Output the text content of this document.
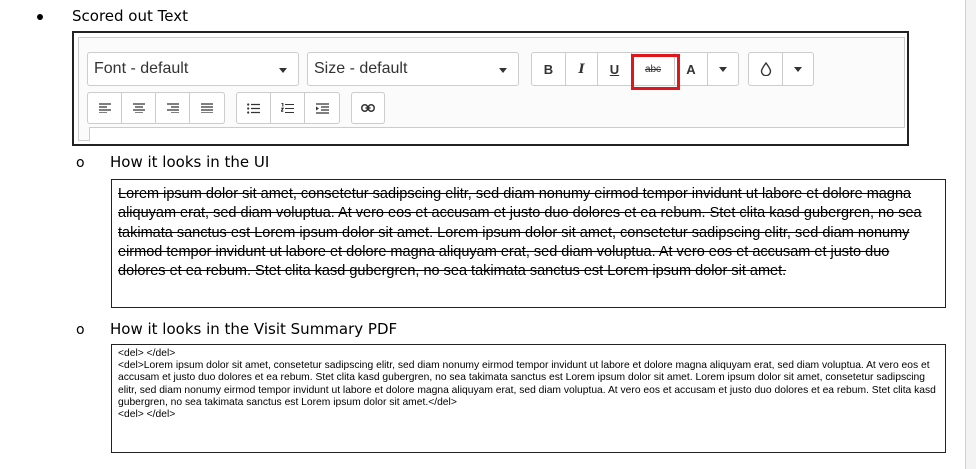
Scored out Text
Font - default	Size - default	B	I	U	abc	A
o How it looks in the UI
Lorem ipsum dolor sit amet, consetetur sadipscing elitr, sed diam nonumy eirmod tempor invidunt ut labore et dolore magna aliquyam erat, sed diam voluptua. At vero eos et accusam et justo duo dolores et ea rebum. Stet clita kasd gubergren, no sea takimata sanctus est Lorem ipsum dolor sit amet. Lorem ipsum dolor sit amet, consetetur sadipscing elitr, sed diam nonumy eirmod tempor invidunt ut labore et dolore magna aliquyam erat, sed diam voluptua. At vero eos et accusam et justo duo dolores et ea rebum. Stet clita kasd gubergren, no sea takimata sanctus est Lorem ipsum dolor sit amet.
o How it looks in the Visit Summary PDF
<del> </del>
<del>Lorem ipsum dolor sit amet, consetetur sadipscing elitr, sed diam nonumy eirmod tempor invidunt ut labore et dolore magna aliquyam erat, sed diam voluptua. At vero eos et accusam et justo duo dolores et ea rebum. Stet clita kasd gubergren, no sea takimata sanctus est Lorem ipsum dolor sit amet. Lorem ipsum dolor sit amet, consetetur sadipscing elitr, sed diam nonumy eirmod tempor invidunt ut labore et dolore magna aliquyam erat, sed diam voluptua. At vero eos et accusam et justo duo dolores et ea rebum. Stet clita kasd gubergren, no sea takimata sanctus est Lorem ipsum dolor sit amet.</del>
<del> </del>
